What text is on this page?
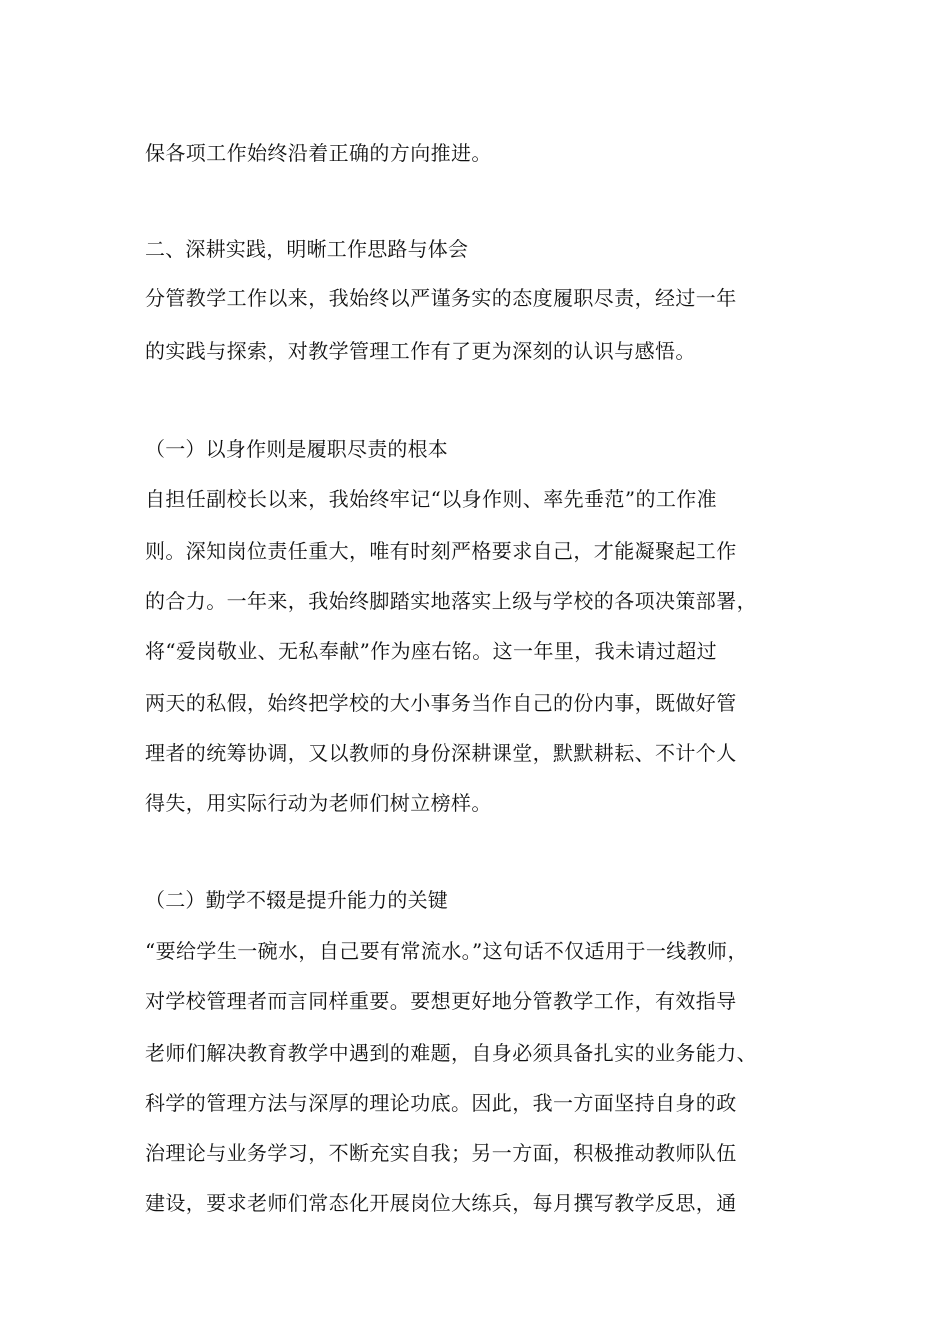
保各项工作始终沿着正确的方向推进。
二、深耕实践，明晰工作思路与体会
分管教学工作以来，我始终以严谨务实的态度履职尽责，经过一年
的实践与探索，对教学管理工作有了更为深刻的认识与感悟。
（一）以身作则是履职尽责的根本
自担任副校长以来，我始终牢记“以身作则、率先垂范”的工作准
则。深知岗位责任重大，唯有时刻严格要求自己，才能凝聚起工作
的合力。一年来，我始终脚踏实地落实上级与学校的各项决策部署，
将“爱岗敬业、无私奉献”作为座右铭。这一年里，我未请过超过
两天的私假，始终把学校的大小事务当作自己的份内事，既做好管
理者的统筹协调，又以教师的身份深耕课堂，默默耕耘、不计个人
得失，用实际行动为老师们树立榜样。
（二）勤学不辍是提升能力的关键
“要给学生一碗水，自己要有常流水。”这句话不仅适用于一线教师，
对学校管理者而言同样重要。要想更好地分管教学工作，有效指导
老师们解决教育教学中遇到的难题，自身必须具备扎实的业务能力、
科学的管理方法与深厚的理论功底。因此，我一方面坚持自身的政
治理论与业务学习，不断充实自我；另一方面，积极推动教师队伍
建设，要求老师们常态化开展岗位大练兵，每月撰写教学反思，通
